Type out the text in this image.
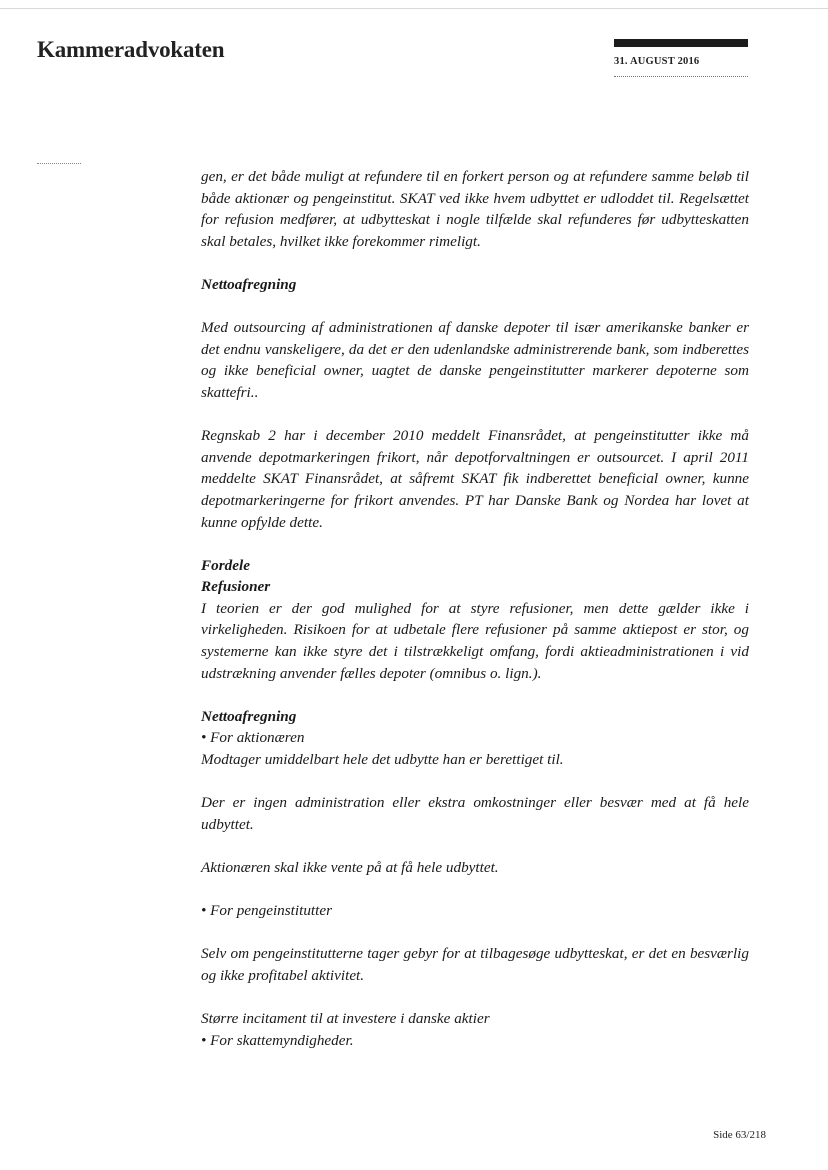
Kammeradvokaten	31. AUGUST 2016

gen, er det både muligt at refundere til en forkert person og at refundere samme beløb til både aktionær og pengeinstitut. SKAT ved ikke hvem udbyttet er udloddet til. Regelsættet for refusion medfører, at udbytteskat i nogle tilfælde skal refunderes før udbytteskatten skal betales, hvilket ikke forekommer rimeligt.

Nettoafregning

Med outsourcing af administrationen af danske depoter til især amerikanske banker er det endnu vanskeligere, da det er den udenlandske administrerende bank, som indberettes og ikke beneficial owner, uagtet de danske pengeinstitutter markerer depoterne som skattefri..

Regnskab 2 har i december 2010 meddelt Finansrådet, at pengeinstitutter ikke må anvende depotmarkeringen frikort, når depotforvaltningen er outsourcet. I april 2011 meddelte SKAT Finansrådet, at såfremt SKAT fik indberettet beneficial owner, kunne depotmarkeringerne for frikort anvendes. PT har Danske Bank og Nordea har lovet at kunne opfylde dette.

Fordele
Refusioner

I teorien er der god mulighed for at styre refusioner, men dette gælder ikke i virkeligheden. Risikoen for at udbetale flere refusioner på samme aktiepost er stor, og systemerne kan ikke styre det i tilstrækkeligt omfang, fordi aktieadministrationen i vid udstrækning anvender fælles depoter (omnibus o. lign.).

Nettoafregning

• For aktionæren

Modtager umiddelbart hele det udbytte han er berettiget til.

Der er ingen administration eller ekstra omkostninger eller besvær med at få hele udbyttet.

Aktionæren skal ikke vente på at få hele udbyttet.

• For pengeinstitutter

Selv om pengeinstitutterne tager gebyr for at tilbagesøge udbytteskat, er det en besværlig og ikke profitabel aktivitet.

Større incitament til at investere i danske aktier

• For skattemyndigheder.

Side 63/218
